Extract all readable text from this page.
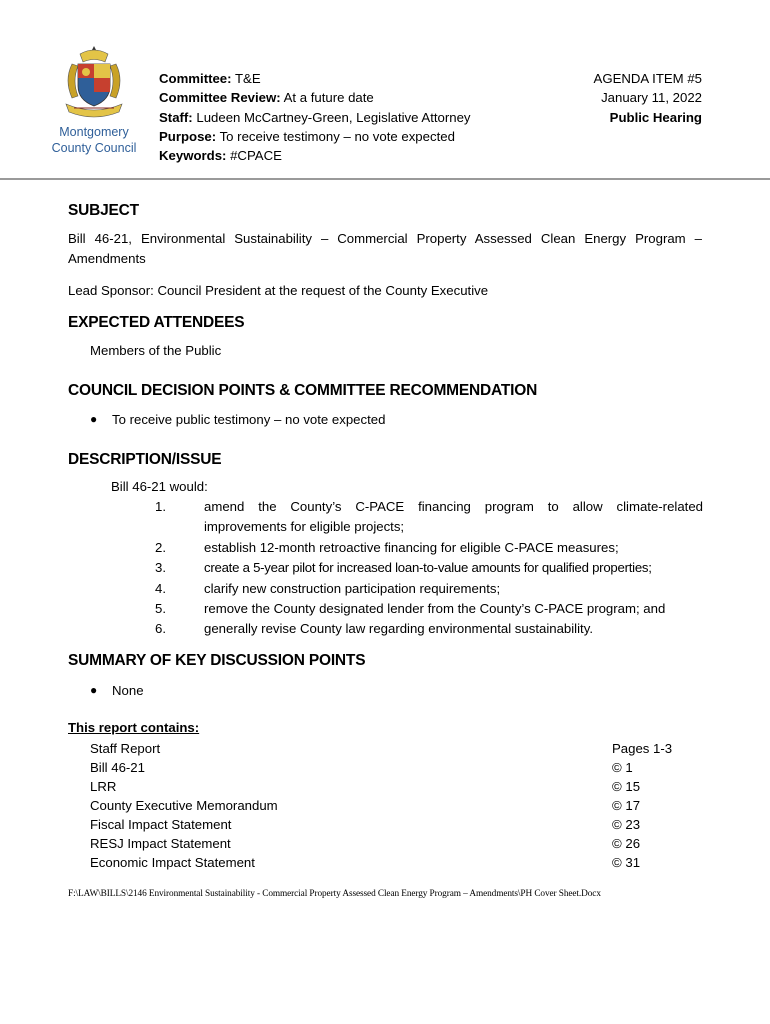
Montgomery
County Council
Committee: T&E
Committee Review: At a future date
Staff: Ludeen McCartney-Green, Legislative Attorney
Purpose: To receive testimony – no vote expected
Keywords: #CPACE
AGENDA ITEM #5
January 11, 2022
Public Hearing
SUBJECT
Bill 46-21, Environmental Sustainability – Commercial Property Assessed Clean Energy Program – Amendments
Lead Sponsor: Council President at the request of the County Executive
EXPECTED ATTENDEES
Members of the Public
COUNCIL DECISION POINTS & COMMITTEE RECOMMENDATION
●	To receive public testimony – no vote expected
DESCRIPTION/ISSUE
Bill 46-21 would:
1.	amend the County’s C-PACE financing program to allow climate-related
improvements for eligible projects;
2.	establish 12-month retroactive financing for eligible C-PACE measures;
3.	create a 5-year pilot for increased loan-to-value amounts for qualified properties;
4.	clarify new construction participation requirements;
5.	remove the County designated lender from the County’s C-PACE program; and
6.	generally revise County law regarding environmental sustainability.
SUMMARY OF KEY DISCUSSION POINTS
●	None
This report contains:
Staff Report	Pages 1-3
Bill 46-21	© 1
LRR	© 15
County Executive Memorandum	© 17
Fiscal Impact Statement	© 23
RESJ Impact Statement	© 26
Economic Impact Statement	© 31
F:\LAW\BILLS\2146 Environmental Sustainability - Commercial Property Assessed Clean Energy Program – Amendments\PH Cover Sheet.Docx
